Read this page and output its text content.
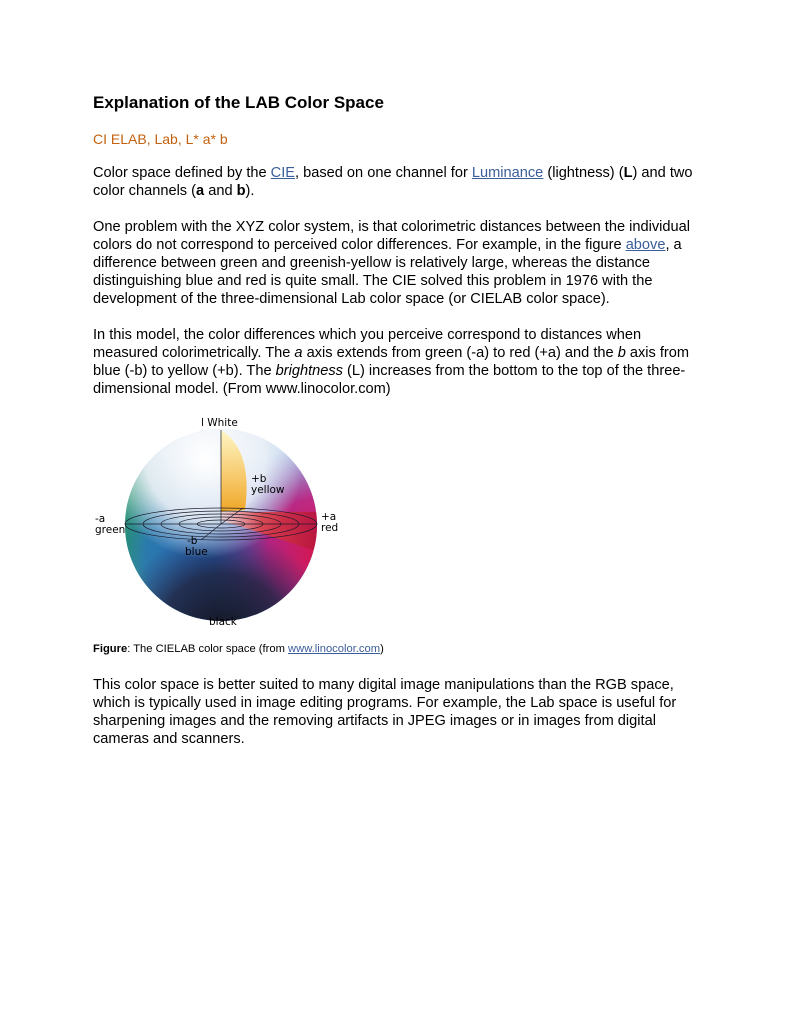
Explanation of the LAB Color Space
CI ELAB, Lab, L* a* b

Color space defined by the CIE, based on one channel for Luminance (lightness) (L) and two color channels (a and b).

One problem with the XYZ color system, is that colorimetric distances between the individual colors do not correspond to perceived color differences. For example, in the figure above, a difference between green and greenish-yellow is relatively large, whereas the distance distinguishing blue and red is quite small. The CIE solved this problem in 1976 with the development of the three-dimensional Lab color space (or CIELAB color space).

In this model, the color differences which you perceive correspond to distances when measured colorimetrically. The a axis extends from green (-a) to red (+a) and the b axis from blue (-b) to yellow (+b). The brightness (L) increases from the bottom to the top of the three-dimensional model. (From www.linocolor.com)

l White
+b
yellow
-a
green
+a
red
-b
blue
black
Figure: The CIELAB color space (from www.linocolor.com)

This color space is better suited to many digital image manipulations than the RGB space, which is typically used in image editing programs. For example, the Lab space is useful for sharpening images and the removing artifacts in JPEG images or in images from digital cameras and scanners.
